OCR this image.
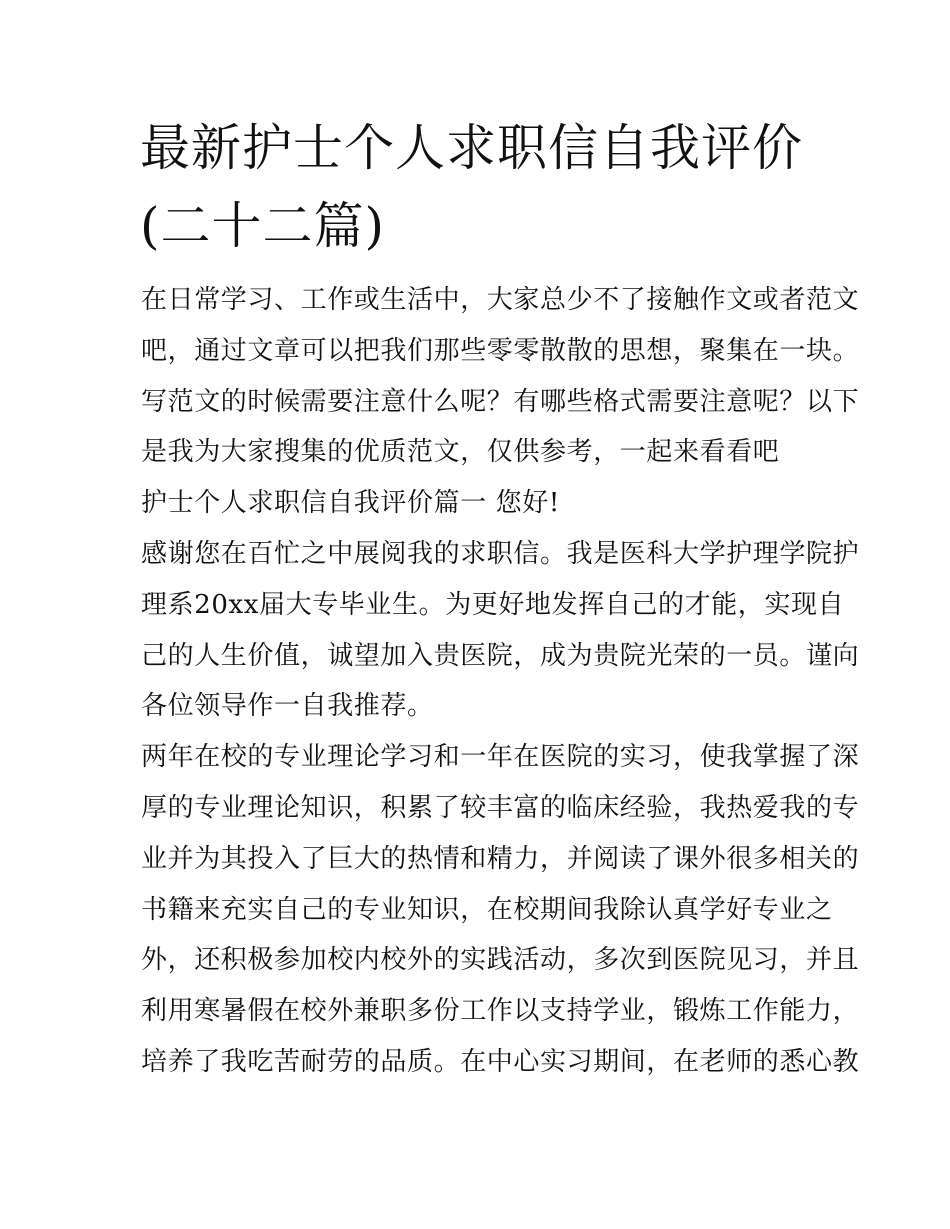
最新护士个人求职信自我评价
(二十二篇)
在日常学习、工作或生活中，大家总少不了接触作文或者范文
吧，通过文章可以把我们那些零零散散的思想，聚集在一块。
写范文的时候需要注意什么呢？有哪些格式需要注意呢？以下
是我为大家搜集的优质范文，仅供参考，一起来看看吧
护士个人求职信自我评价篇一 您好!
感谢您在百忙之中展阅我的求职信。我是医科大学护理学院护
理系20xx届大专毕业生。为更好地发挥自己的才能，实现自
己的人生价值，诚望加入贵医院，成为贵院光荣的一员。谨向
各位领导作一自我推荐。
两年在校的专业理论学习和一年在医院的实习，使我掌握了深
厚的专业理论知识，积累了较丰富的临床经验，我热爱我的专
业并为其投入了巨大的热情和精力，并阅读了课外很多相关的
书籍来充实自己的专业知识，在校期间我除认真学好专业之
外，还积极参加校内校外的实践活动，多次到医院见习，并且
利用寒暑假在校外兼职多份工作以支持学业，锻炼工作能力，
培养了我吃苦耐劳的品质。在中心实习期间，在老师的悉心教
